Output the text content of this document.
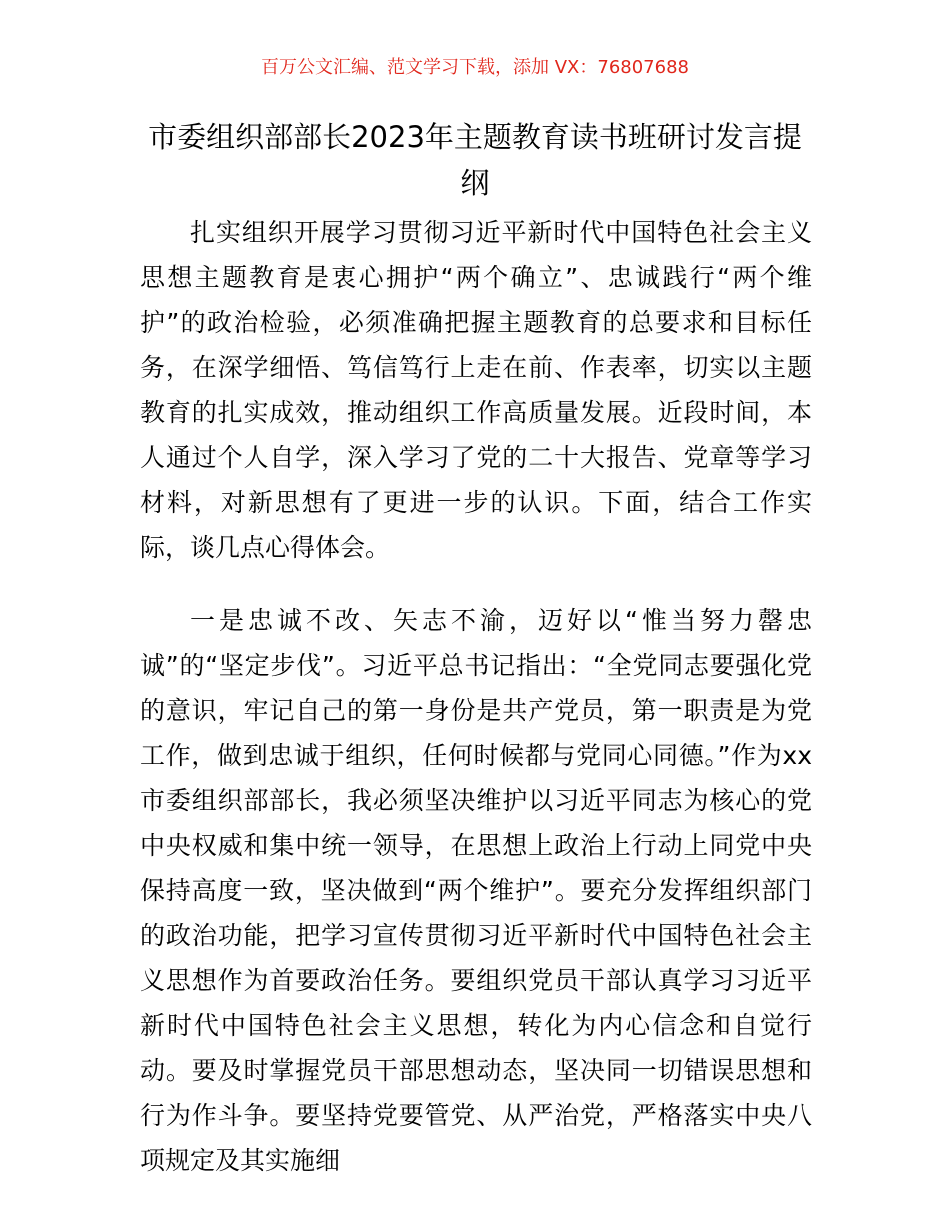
百万公文汇编、范文学习下载，添加 VX：76807688
市委组织部部长2023年主题教育读书班研讨发言提纲

扎实组织开展学习贯彻习近平新时代中国特色社会主义思想主题教育是衷心拥护“两个确立”、忠诚践行“两个维护”的政治检验，必须准确把握主题教育的总要求和目标任务，在深学细悟、笃信笃行上走在前、作表率，切实以主题教育的扎实成效，推动组织工作高质量发展。近段时间，本人通过个人自学，深入学习了党的二十大报告、党章等学习材料，对新思想有了更进一步的认识。下面，结合工作实际，谈几点心得体会。

一是忠诚不改、矢志不渝，迈好以“惟当努力罄忠诚”的“坚定步伐”。习近平总书记指出：“全党同志要强化党的意识，牢记自己的第一身份是共产党员，第一职责是为党工作，做到忠诚于组织，任何时候都与党同心同德。”作为xx市委组织部部长，我必须坚决维护以习近平同志为核心的党中央权威和集中统一领导，在思想上政治上行动上同党中央保持高度一致，坚决做到“两个维护”。要充分发挥组织部门的政治功能，把学习宣传贯彻习近平新时代中国特色社会主义思想作为首要政治任务。要组织党员干部认真学习习近平新时代中国特色社会主义思想，转化为内心信念和自觉行动。要及时掌握党员干部思想动态，坚决同一切错误思想和行为作斗争。要坚持党要管党、从严治党，严格落实中央八项规定及其实施细
